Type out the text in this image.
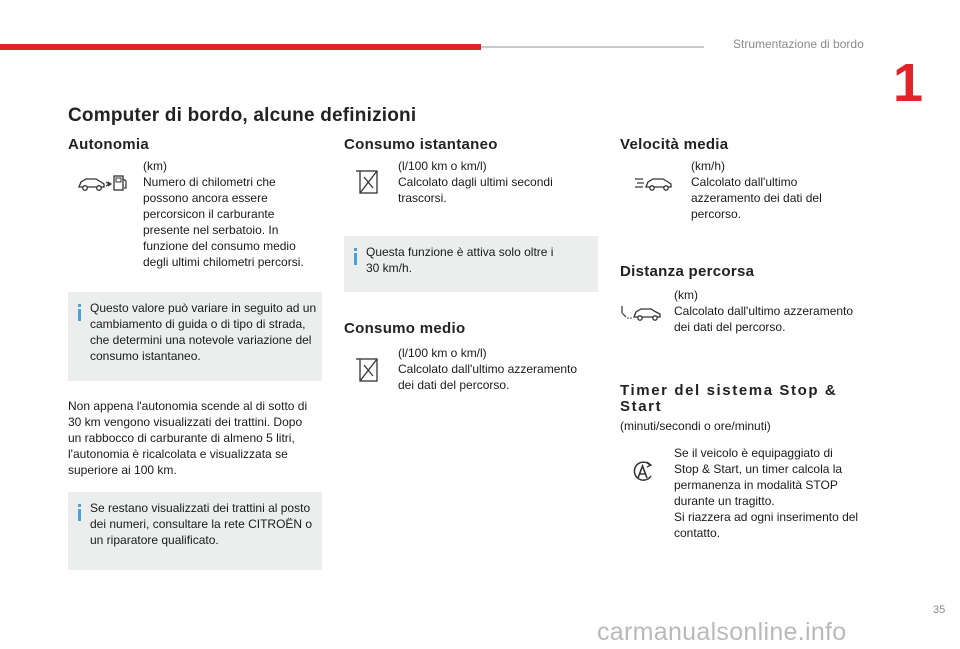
Strumentazione di bordo
1
Computer di bordo, alcune definizioni
Autonomia
(km)
Numero di chilometri che
possono ancora essere
percorsicon il carburante
presente nel serbatoio. In
funzione del consumo medio
degli ultimi chilometri percorsi.
Questo valore può variare in seguito ad un
cambiamento di guida o di tipo di strada,
che determini una notevole variazione del
consumo istantaneo.
Non appena l'autonomia scende al di sotto di
30 km vengono visualizzati dei trattini. Dopo
un rabbocco di carburante di almeno 5 litri,
l'autonomia è ricalcolata e visualizzata se
superiore ai 100 km.
Se restano visualizzati dei trattini al posto
dei numeri, consultare la rete CITROËN o
un riparatore qualificato.
Consumo istantaneo
(l/100 km o km/l)
Calcolato dagli ultimi secondi
trascorsi.
Questa funzione è attiva solo oltre i
30 km/h.
Consumo medio
(l/100 km o km/l)
Calcolato dall'ultimo azzeramento
dei dati del percorso.
Velocità media
(km/h)
Calcolato dall'ultimo
azzeramento dei dati del
percorso.
Distanza percorsa
(km)
Calcolato dall'ultimo azzeramento
dei dati del percorso.
Timer del sistema Stop &
Start
(minuti/secondi o ore/minuti)
Se il veicolo è equipaggiato di
Stop & Start, un timer calcola la
permanenza in modalità STOP
durante un tragitto.
Si riazzera ad ogni inserimento del
contatto.
35
carmanualsonline.info
